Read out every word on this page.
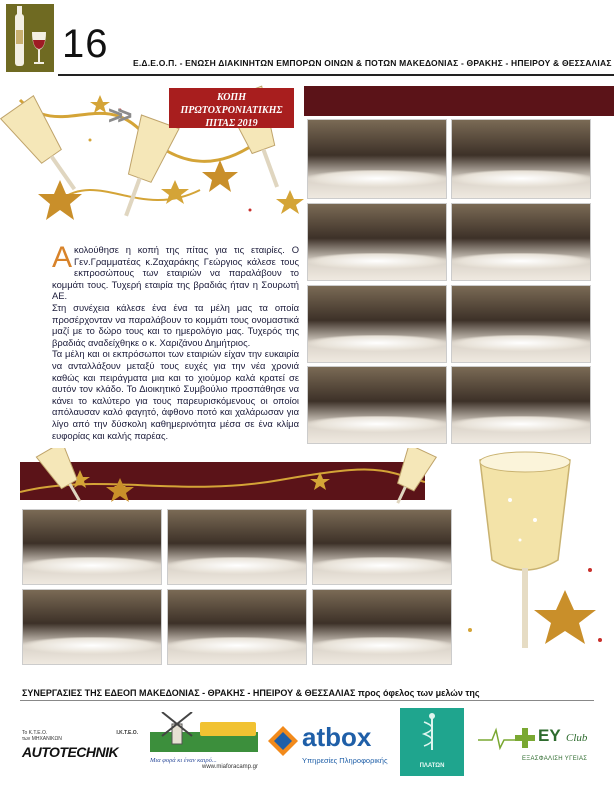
16	Ε.Δ.Ε.Ο.Π. - ΕΝΩΣΗ ΔΙΑΚΙΝΗΤΩΝ ΕΜΠΟΡΩΝ ΟΙΝΩΝ & ΠΟΤΩΝ ΜΑΚΕΔΟΝΙΑΣ - ΘΡΑΚΗΣ - ΗΠΕΙΡΟΥ & ΘΕΣΣΑΛΙΑΣ
>>
ΚΟΠΗ
ΠΡΩΤΟΧΡΟΝΙΑΤΙΚΗΣ
ΠΙΤΑΣ 2019

Ακολούθησε η κοπή της πίτας για τις εταιρίες. Ο Γεν.Γραμματέας κ.Ζαχαράκης Γεώργιος κάλεσε τους εκπροσώπους των εταιριών να παραλάβουν το κομμάτι τους. Τυχερή εταιρία της βραδιάς ήταν η Σουρωτή ΑΕ.

Στη συνέχεια κάλεσε ένα ένα τα μέλη μας τα οποία προσέρχονταν να παραλάβουν το κομμάτι τους ονομαστικά μαζί με το δώρο τους και το ημερολόγιο μας. Τυχερός της βραδιάς αναδείχθηκε ο κ. Χαριζάνου Δημήτριος.

Τα μέλη και οι εκπρόσωποι των εταιριών είχαν την ευκαιρία να ανταλλάξουν μεταξύ τους ευχές για την νέα χρονιά καθώς και πειράγματα μια και το χιούμορ καλά κρατεί σε αυτόν τον κλάδο. Το Διοικητικό Συμβούλιο προσπάθησε να κάνει το καλύτερο για τους παρευρισκόμενους οι οποίοι απόλαυσαν καλό φαγητό, άφθονο ποτό και χαλάρωσαν για λίγο από την δύσκολη καθημερινότητα μέσα σε ένα κλίμα ευφορίας και καλής παρέας.

ΣΥΝΕΡΓΑΣΙΕΣ ΤΗΣ ΕΔΕΟΠ ΜΑΚΕΔΟΝΙΑΣ - ΘΡΑΚΗΣ - ΗΠΕΙΡΟΥ & ΘΕΣΣΑΛΙΑΣ προς όφελος των μελών της
Το Κ.Τ.Ε.Ο.
των ΜΗΧΑΝΙΚΩΝ
Ι.Κ.Τ.Ε.Ο.
AUTOTECHNIK
Μια φορά κι έναν καιρό...
www.miaforacamp.gr
atbox
Υπηρεσίες Πληροφορικής
ΠΛΑΤΩΝ
EY Club
ΕΞΑΣΦΑΛΙΣΗ ΥΓΕΙΑΣ
